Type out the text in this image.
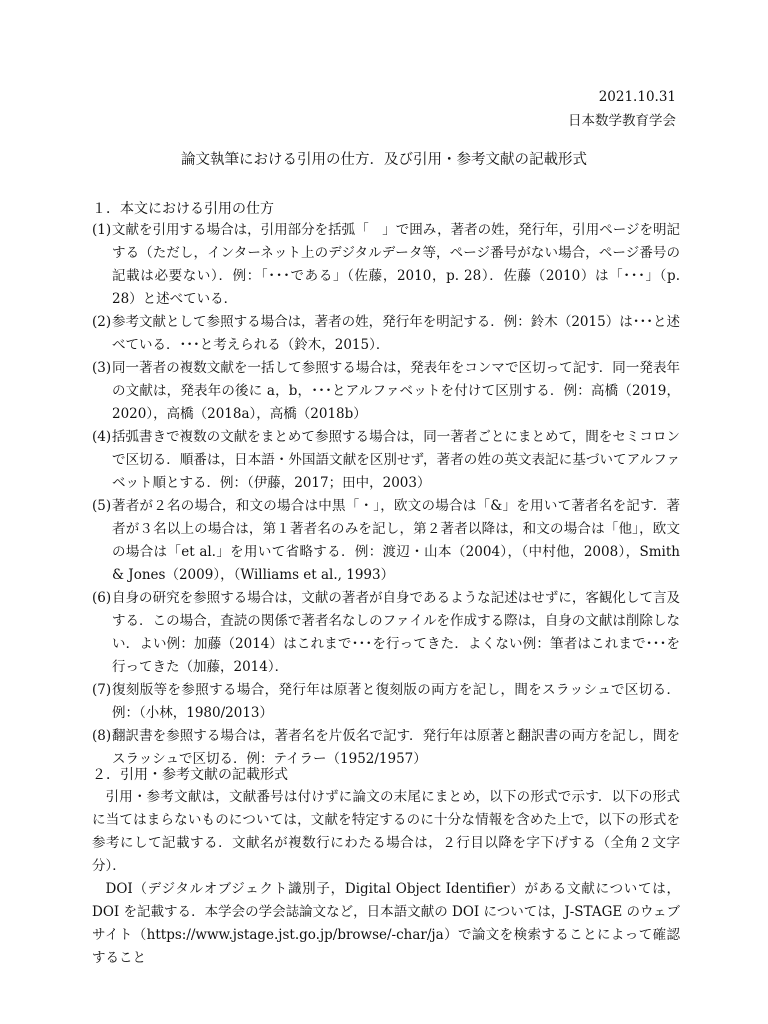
2021.10.31
日本数学教育学会
論文執筆における引用の仕方．及び引用・参考文献の記載形式
１．本文における引用の仕方
(1) 文献を引用する場合は，引用部分を括弧「　」で囲み，著者の姓，発行年，引用ページを明記する（ただし，インターネット上のデジタルデータ等，ページ番号がない場合，ページ番号の記載は必要ない）．例：「･･･である」（佐藤，2010，p. 28）．佐藤（2010）は「･･･」（p. 28）と述べている．
(2) 参考文献として参照する場合は，著者の姓，発行年を明記する．例：鈴木（2015）は･･･と述べている．･･･と考えられる（鈴木，2015）．
(3) 同一著者の複数文献を一括して参照する場合は，発表年をコンマで区切って記す．同一発表年の文献は，発表年の後に a，b，･･･とアルファベットを付けて区別する．例：高橋（2019，2020），高橋（2018a），高橋（2018b）
(4) 括弧書きで複数の文献をまとめて参照する場合は，同一著者ごとにまとめて，間をセミコロンで区切る．順番は，日本語・外国語文献を区別せず，著者の姓の英文表記に基づいてアルファベット順とする．例：（伊藤，2017；田中，2003）
(5) 著者が２名の場合，和文の場合は中黒「・」，欧文の場合は「&」を用いて著者名を記す．著者が３名以上の場合は，第１著者名のみを記し，第２著者以降は，和文の場合は「他」，欧文の場合は「et al.」を用いて省略する．例：渡辺・山本（2004），（中村他，2008），Smith & Jones（2009），（Williams et al., 1993）
(6) 自身の研究を参照する場合は，文献の著者が自身であるような記述はせずに，客観化して言及する．この場合，査読の関係で著者名なしのファイルを作成する際は，自身の文献は削除しない．よい例：加藤（2014）はこれまで･･･を行ってきた．よくない例：筆者はこれまで･･･を行ってきた（加藤，2014）．
(7) 復刻版等を参照する場合，発行年は原著と復刻版の両方を記し，間をスラッシュで区切る．例：（小林，1980/2013）
(8) 翻訳書を参照する場合は，著者名を片仮名で記す．発行年は原著と翻訳書の両方を記し，間をスラッシュで区切る．例：テイラー（1952/1957）
２．引用・参考文献の記載形式

引用・参考文献は，文献番号は付けずに論文の末尾にまとめ，以下の形式で示す．以下の形式に当てはまらないものについては，文献を特定するのに十分な情報を含めた上で，以下の形式を参考にして記載する．文献名が複数行にわたる場合は，２行目以降を字下げする（全角２文字分）．

DOI（デジタルオブジェクト識別子，Digital Object Identifier）がある文献については，DOI を記載する．本学会の学会誌論文など，日本語文献の DOI については，J-STAGE のウェブサイト（https://www.jstage.jst.go.jp/browse/-char/ja）で論文を検索することによって確認すること
